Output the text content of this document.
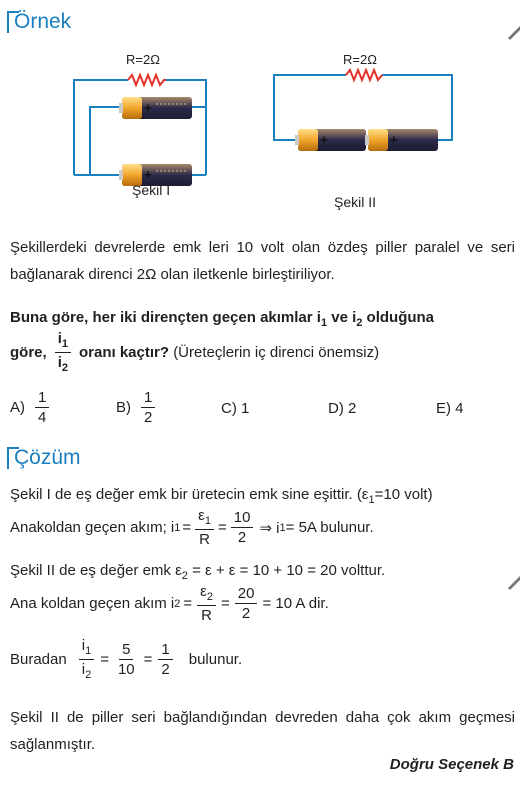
Örnek
+
+
R=2Ω
Şekil I
+	+
R=2Ω
Şekil II
Şekillerdeki devrelerde emk leri 10 volt olan özdeş piller paralel ve seri bağlanarak direnci 2Ω olan iletkenle birleştiriliyor.
Buna göre, her iki dirençten geçen akımlar $i_1$ ve $i_2$ olduğuna
göre, $\frac{i_1}{i_2}$ oranı kaçtır?
(Üreteçlerin iç direnci önemsiz)
$A) \frac{1}{4}$	$B) \frac{1}{2}$	C) 1	D) 2	E) 4
Çözüm
Şekil I de eş değer emk bir üretecin emk sine eşittir. ($\varepsilon_1=10$ volt)
Anakoldan geçen akım; i $1 = \frac{\varepsilon_1}{R} = \frac{10}{2}$ ⇒ i 1 = 5A bulunur.
Şekil II de eş değer emk $\varepsilon_2 = \varepsilon + \varepsilon = 10 + 10 = 20$ volttur.
Ana koldan geçen akım i $2 = \frac{\varepsilon_2}{R} = \frac{20}{2} = 10$ A dir.
Buradan $\frac{i_1}{i_2} = \frac{5}{10} = \frac{1}{2}$ bulunur.
Şekil II de piller seri bağlandığından devreden daha çok akım geçmesi sağlanmıştır.
Doğru Seçenek B
